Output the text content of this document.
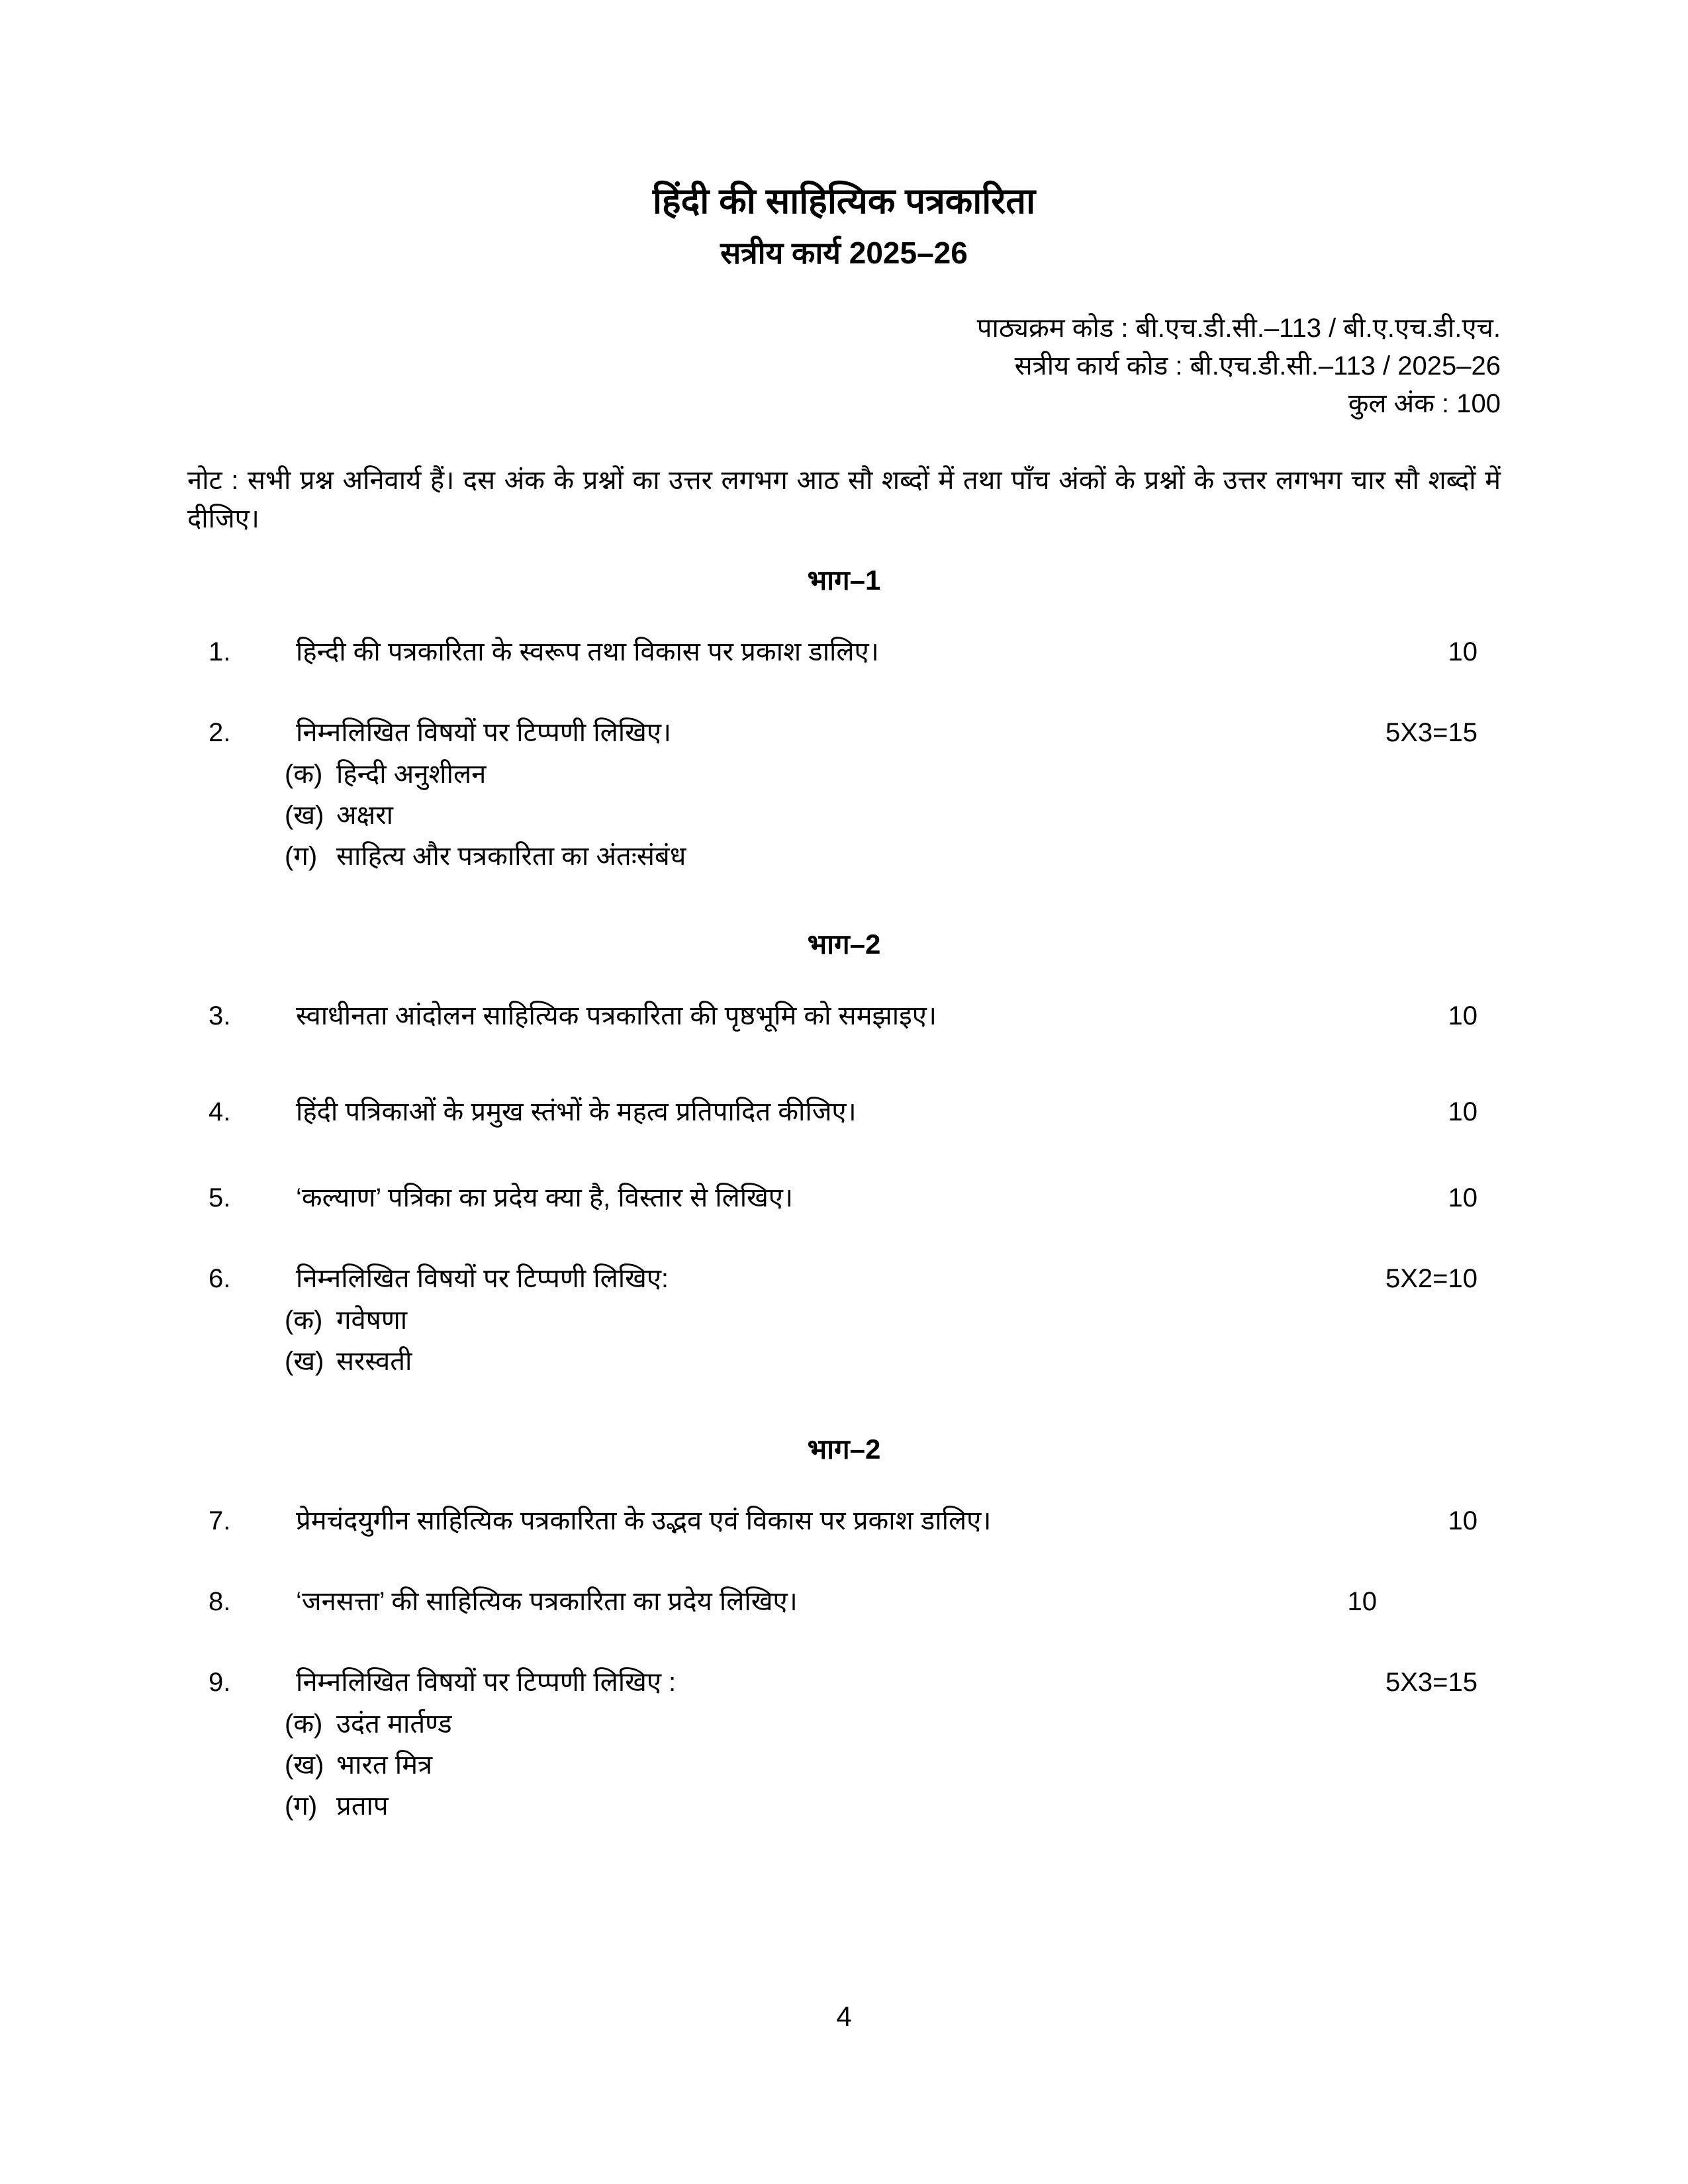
हिंदी की साहित्यिक पत्रकारिता
सत्रीय कार्य 2025–26
पाठ्यक्रम कोड : बी.एच.डी.सी.–113 / बी.ए.एच.डी.एच.
सत्रीय कार्य कोड : बी.एच.डी.सी.–113 / 2025–26
कुल अंक : 100

नोट : सभी प्रश्न अनिवार्य हैं। दस अंक के प्रश्नों का उत्तर लगभग आठ सौ शब्दों में तथा पाँच अंकों के प्रश्नों के उत्तर लगभग चार सौ शब्दों में दीजिए।

भाग–1
1.	हिन्दी की पत्रकारिता के स्वरूप तथा विकास पर प्रकाश डालिए।	10
2.	निम्नलिखित विषयों पर टिप्पणी लिखिए।	5X3=15
(क) हिन्दी अनुशीलन
(ख) अक्षरा
(ग) साहित्य और पत्रकारिता का अंतःसंबंध
भाग–2
3.	स्वाधीनता आंदोलन साहित्यिक पत्रकारिता की पृष्ठभूमि को समझाइए।	10
4.	हिंदी पत्रिकाओं के प्रमुख स्तंभों के महत्व प्रतिपादित कीजिए।	10
5.	‘कल्याण’ पत्रिका का प्रदेय क्या है, विस्तार से लिखिए।	10
6.	निम्नलिखित विषयों पर टिप्पणी लिखिए:	5X2=10
(क) गवेषणा
(ख) सरस्वती
भाग–2
7.	प्रेमचंदयुगीन साहित्यिक पत्रकारिता के उद्भव एवं विकास पर प्रकाश डालिए।	10
8.	‘जनसत्ता’ की साहित्यिक पत्रकारिता का प्रदेय लिखिए।	10
9.	निम्नलिखित विषयों पर टिप्पणी लिखिए :	5X3=15
(क) उदंत मार्तण्ड
(ख) भारत मित्र
(ग) प्रताप
4
